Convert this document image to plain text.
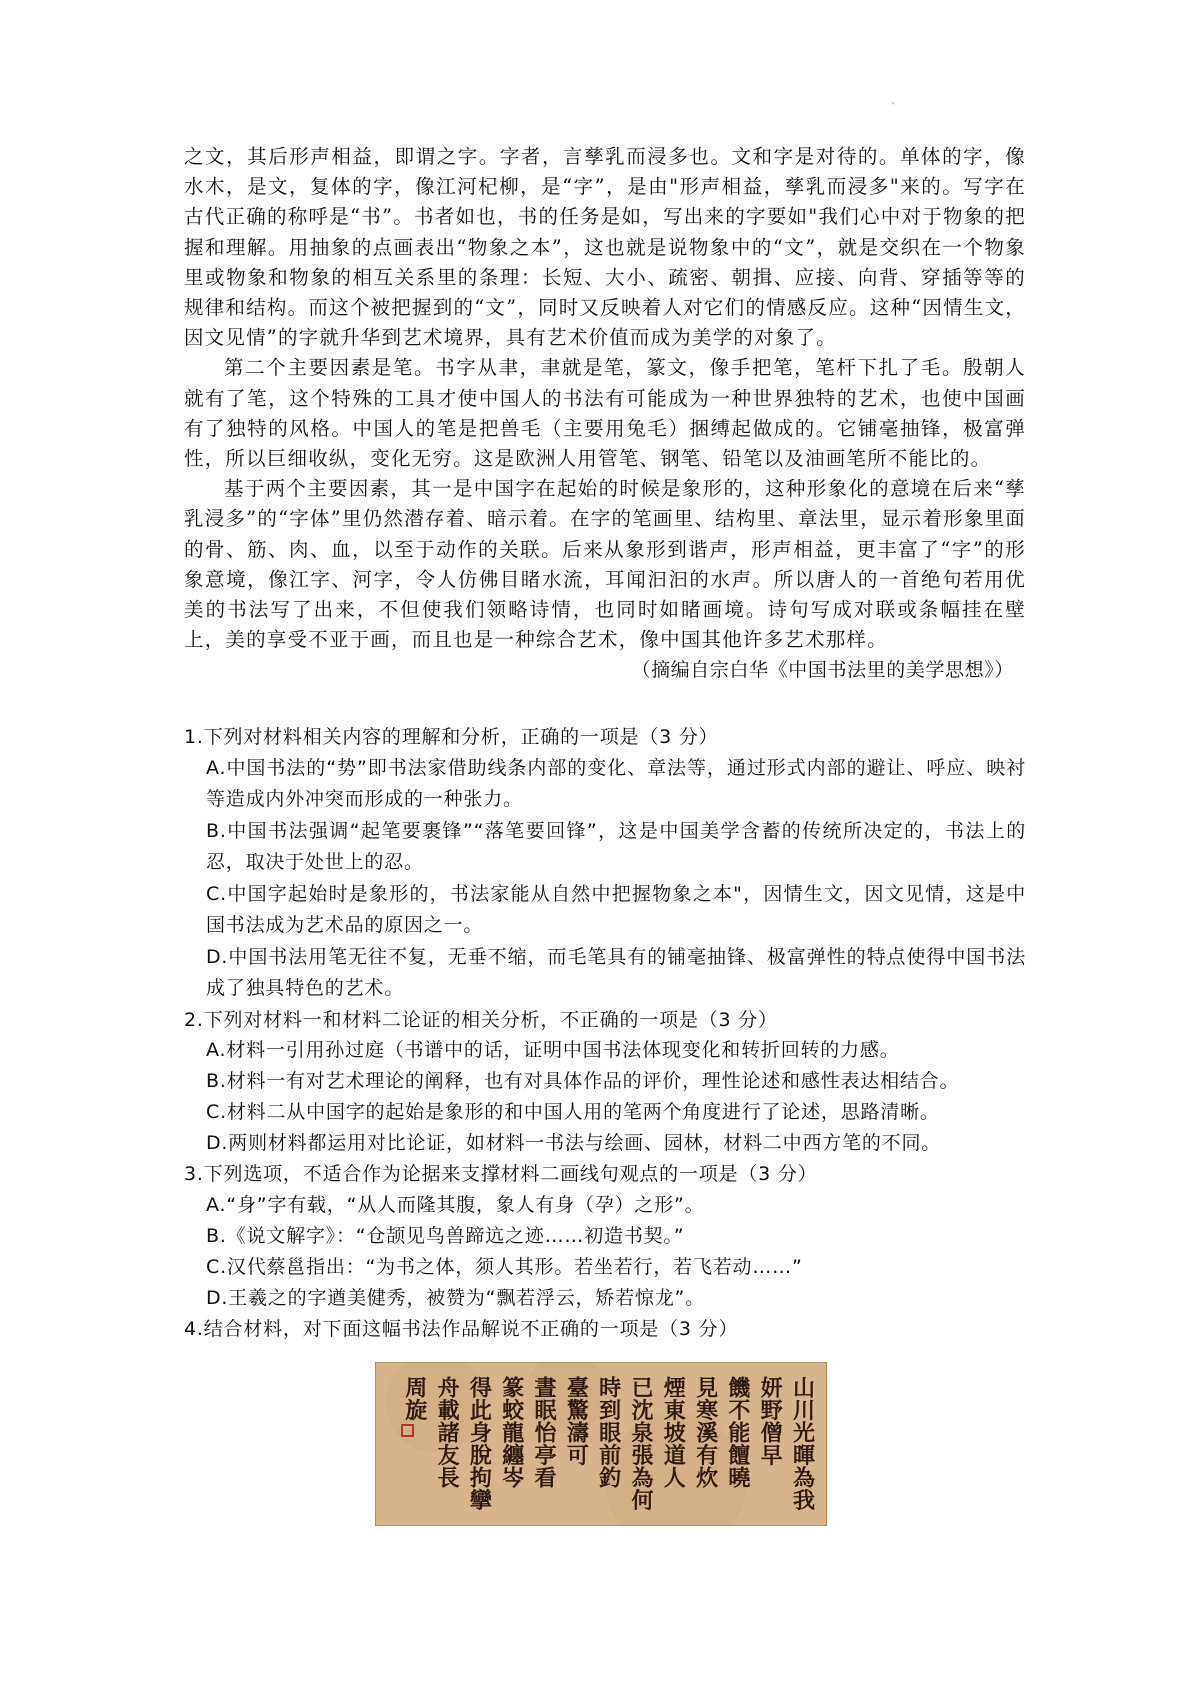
、

之文，其后形声相益，即谓之字。字者，言孳乳而浸多也。文和字是对待的。单体的字，像水木，是文，复体的字，像江河杞柳，是“字”，是由"形声相益，孳乳而浸多"来的。写字在古代正确的称呼是“书”。书者如也，书的任务是如，写出来的字要如"我们心中对于物象的把握和理解。用抽象的点画表出“物象之本”，这也就是说物象中的“文”，就是交织在一个物象里或物象和物象的相互关系里的条理：长短、大小、疏密、朝揖、应接、向背、穿插等等的规律和结构。而这个被把握到的“文”，同时又反映着人对它们的情感反应。这种“因情生文，因文见情”的字就升华到艺术境界，具有艺术价值而成为美学的对象了。

第二个主要因素是笔。书字从聿，聿就是笔，篆文，像手把笔，笔杆下扎了毛。殷朝人就有了笔，这个特殊的工具才使中国人的书法有可能成为一种世界独特的艺术，也使中国画有了独特的风格。中国人的笔是把兽毛（主要用兔毛）捆缚起做成的。它铺毫抽锋，极富弹性，所以巨细收纵，变化无穷。这是欧洲人用管笔、钢笔、铅笔以及油画笔所不能比的。

基于两个主要因素，其一是中国字在起始的时候是象形的，这种形象化的意境在后来“孳乳浸多”的“字体”里仍然潜存着、暗示着。在字的笔画里、结构里、章法里，显示着形象里面的骨、筋、肉、血，以至于动作的关联。后来从象形到谐声，形声相益，更丰富了“字”的形象意境，像江字、河字，令人仿佛目睹水流，耳闻汩汩的水声。所以唐人的一首绝句若用优美的书法写了出来，不但使我们领略诗情，也同时如睹画境。诗句写成对联或条幅挂在壁上，美的享受不亚于画，而且也是一种综合艺术，像中国其他许多艺术那样。

（摘编自宗白华《中国书法里的美学思想》）

1.下列对材料相关内容的理解和分析，正确的一项是（3 分）

A.中国书法的“势”即书法家借助线条内部的变化、章法等，通过形式内部的避让、呼应、映衬等造成内外冲突而形成的一种张力。

B.中国书法强调“起笔要裹锋”“落笔要回锋”，这是中国美学含蓄的传统所决定的，书法上的忍，取决于处世上的忍。

C.中国字起始时是象形的，书法家能从自然中把握物象之本"，因情生文，因文见情，这是中国书法成为艺术品的原因之一。

D.中国书法用笔无往不复，无垂不缩，而毛笔具有的铺毫抽锋、极富弹性的特点使得中国书法成了独具特色的艺术。

2.下列对材料一和材料二论证的相关分析，不正确的一项是（3 分）

A.材料一引用孙过庭（书谱中的话，证明中国书法体现变化和转折回转的力感。

B.材料一有对艺术理论的阐释，也有对具体作品的评价，理性论述和感性表达相结合。

C.材料二从中国字的起始是象形的和中国人用的笔两个角度进行了论述，思路清晰。

D.两则材料都运用对比论证，如材料一书法与绘画、园林，材料二中西方笔的不同。

3.下列选项，不适合作为论据来支撑材料二画线句观点的一项是（3 分）

A.“身”字有载，“从人而隆其腹，象人有身（孕）之形”。

B.《说文解字》：“仓颉见鸟兽蹄迒之迹……初造书契。”

C.汉代蔡邕指出：“为书之体，须人其形。若坐若行，若飞若动……”

D.王羲之的字遒美健秀，被赞为“飘若浮云，矫若惊龙”。

4.结合材料，对下面这幅书法作品解说不正确的一项是（3 分）

山
川
光
暉
為
我
妍
野
僧
早
饑
不
能
饘
曉
見
寒
溪
有
炊
煙
東
坡
道
人
已
沈
泉
張
為
何
時
到
眼
前
釣
臺
驚
濤
可
晝
眠
怡
亭
看
篆
蛟
龍
纏
岑
得
此
身
脫
拘
攣
舟
載
諸
友
長
周
旋
